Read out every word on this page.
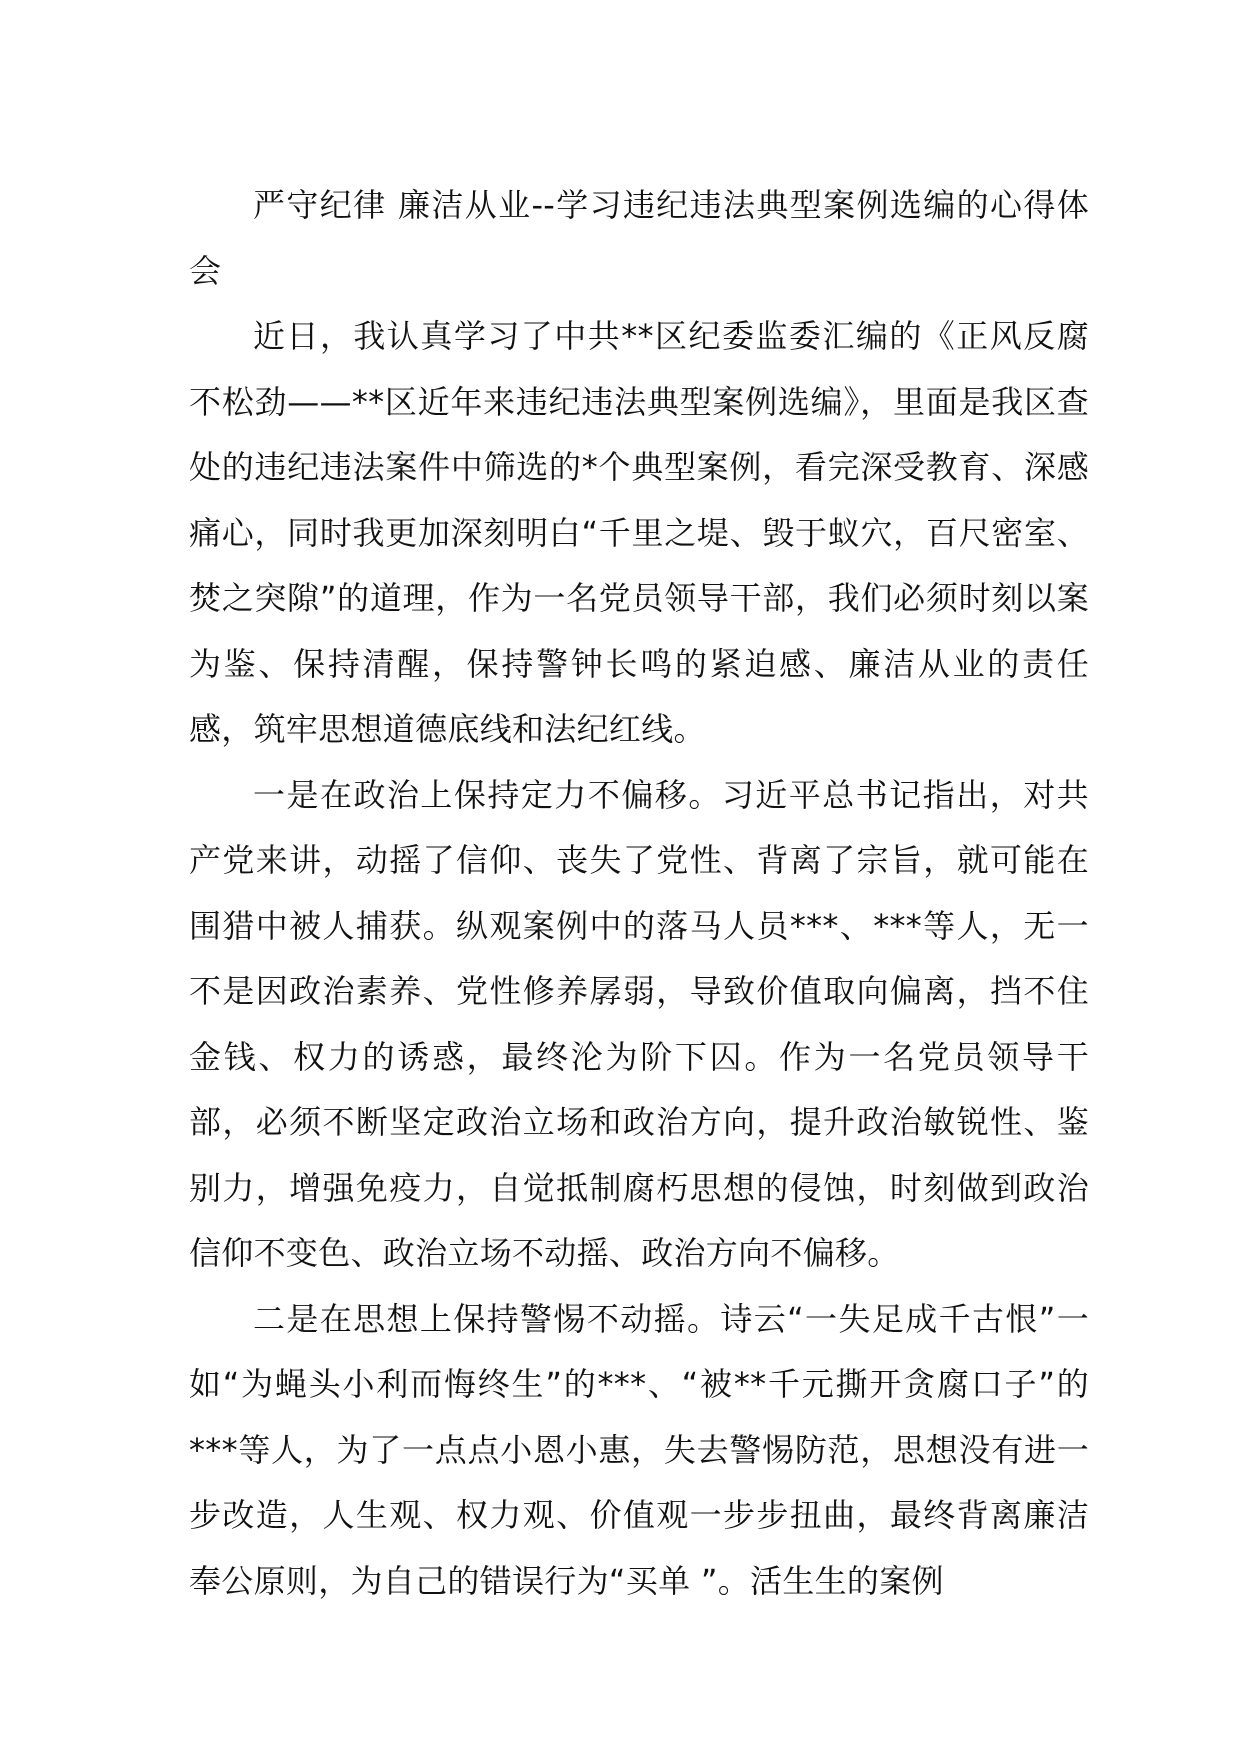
严守纪律 廉洁从业--学习违纪违法典型案例选编的心得体会

近日，我认真学习了中共**区纪委监委汇编的《正风反腐不松劲——**区近年来违纪违法典型案例选编》，里面是我区查处的违纪违法案件中筛选的*个典型案例，看完深受教育、深感痛心，同时我更加深刻明白“千里之堤、毁于蚁穴，百尺密室、焚之突隙”的道理，作为一名党员领导干部，我们必须时刻以案为鉴、保持清醒，保持警钟长鸣的紧迫感、廉洁从业的责任感，筑牢思想道德底线和法纪红线。

一是在政治上保持定力不偏移。习近平总书记指出，对共产党来讲，动摇了信仰、丧失了党性、背离了宗旨，就可能在围猎中被人捕获。纵观案例中的落马人员***、***等人，无一不是因政治素养、党性修养孱弱，导致价值取向偏离，挡不住金钱、权力的诱惑，最终沦为阶下囚。作为一名党员领导干部，必须不断坚定政治立场和政治方向，提升政治敏锐性、鉴别力，增强免疫力，自觉抵制腐朽思想的侵蚀，时刻做到政治信仰不变色、政治立场不动摇、政治方向不偏移。

二是在思想上保持警惕不动摇。诗云“一失足成千古恨”一如“为蝇头小利而悔终生”的***、“被**千元撕开贪腐口子”的***等人，为了一点点小恩小惠，失去警惕防范，思想没有进一步改造，人生观、权力观、价值观一步步扭曲，最终背离廉洁奉公原则，为自己的错误行为“买单 ”。活生生的案例
